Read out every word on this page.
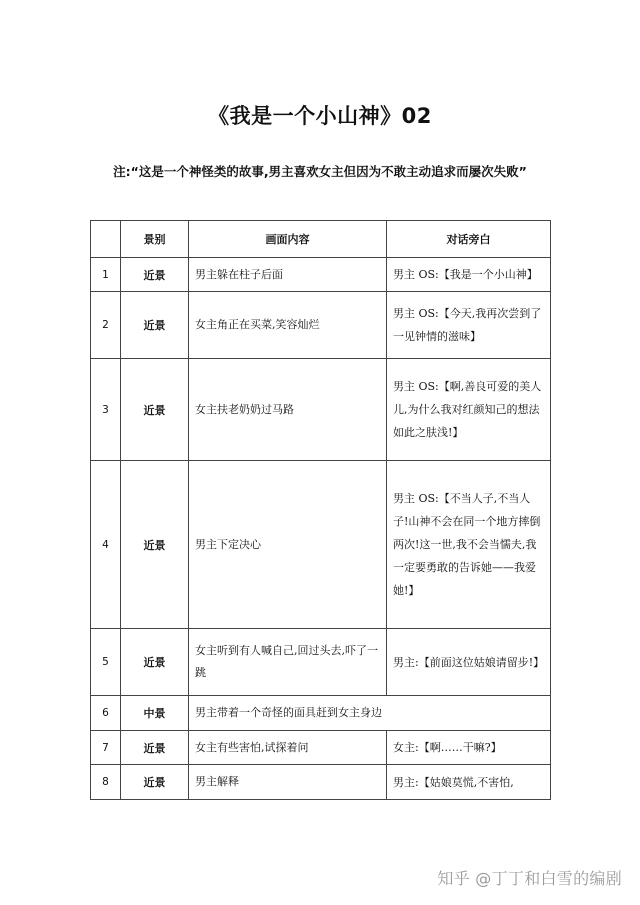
《我是一个小山神》02
注:“这是一个神怪类的故事,男主喜欢女主但因为不敢主动追求而屡次失败”
	景别	画面内容	对话旁白
1	近景	男主躲在柱子后面	男主 OS:【我是一个小山神】
2	近景	女主角正在买菜,笑容灿烂	男主 OS:【今天,我再次尝到了一见钟情的滋味】
3	近景	女主扶老奶奶过马路	男主 OS:【啊,善良可爱的美人儿,为什么我对红颜知己的想法如此之肤浅!】
4	近景	男主下定决心	男主 OS:【不当人子,不当人子!山神不会在同一个地方摔倒两次!这一世,我不会当懦夫,我一定要勇敢的告诉她——我爱她!】
5	近景	女主听到有人喊自己,回过头去,吓了一跳	男主:【前面这位姑娘请留步!】
6	中景	男主带着一个奇怪的面具赶到女主身边	
7	近景	女主有些害怕,试探着问	女主:【啊……干嘛?】
8	近景	男主解释	男主:【姑娘莫慌,不害怕,
知乎 @丁丁和白雪的编剧
